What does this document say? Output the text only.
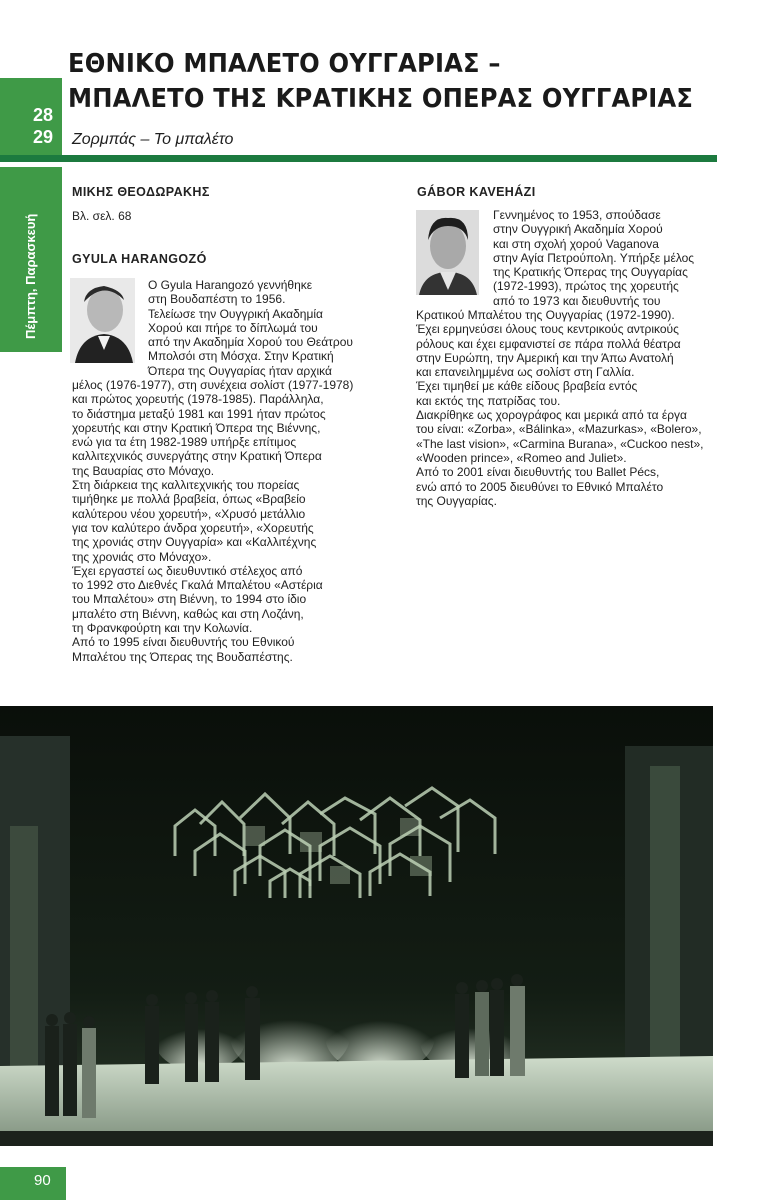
28
29
ΕΘΝΙΚΟ ΜΠΑΛΕΤΟ ΟΥΓΓΑΡΙΑΣ –
ΜΠΑΛΕΤΟ ΤΗΣ ΚΡΑΤΙΚΗΣ ΟΠΕΡΑΣ ΟΥΓΓΑΡΙΑΣ
Ζορμπάς – Το μπαλέτο
Πέμπτη, Παρασκευή

ΜΙΚΗΣ ΘΕΟΔΩΡΑΚΗΣ

Βλ. σελ. 68

GYULA HARANGOZÓ

Ο Gyula Harangozó γεννήθηκε

στη Βουδαπέστη το 1956.

Τελείωσε την Ουγγρική Ακαδημία

Χορού και πήρε το δίπλωμά του

από την Ακαδημία Χορού του Θεάτρου

Μπολσόι στη Μόσχα. Στην Κρατική

Όπερα της Ουγγαρίας ήταν αρχικά

μέλος (1976-1977), στη συνέχεια σολίστ (1977-1978)

και πρώτος χορευτής (1978-1985). Παράλληλα,

το διάστημα μεταξύ 1981 και 1991 ήταν πρώτος

χορευτής και στην Κρατική Όπερα της Βιέννης,

ενώ για τα έτη 1982-1989 υπήρξε επίτιμος

καλλιτεχνικός συνεργάτης στην Κρατική Όπερα

της Βαυαρίας στο Μόναχο.

Στη διάρκεια της καλλιτεχνικής του πορείας

τιμήθηκε με πολλά βραβεία, όπως «Βραβείο

καλύτερου νέου χορευτή», «Χρυσό μετάλλιο

για τον καλύτερο άνδρα χορευτή», «Χορευτής

της χρονιάς στην Ουγγαρία» και «Καλλιτέχνης

της χρονιάς στο Μόναχο».

Έχει εργαστεί ως διευθυντικό στέλεχος από

το 1992 στο Διεθνές Γκαλά Μπαλέτου «Αστέρια

του Μπαλέτου» στη Βιέννη, το 1994 στο ίδιο

μπαλέτο στη Βιέννη, καθώς και στη Λοζάνη,

τη Φρανκφούρτη και την Κολωνία.

Από το 1995 είναι διευθυντής του Εθνικού

Μπαλέτου της Όπερας της Βουδαπέστης.

GÁBOR KAVEHÁZI

Γεννημένος το 1953, σπούδασε

στην Ουγγρική Ακαδημία Χορού

και στη σχολή χορού Vaganova

στην Αγία Πετρούπολη. Υπήρξε μέλος

της Κρατικής Όπερας της Ουγγαρίας

(1972-1993), πρώτος της χορευτής

από το 1973 και διευθυντής του

Κρατικού Μπαλέτου της Ουγγαρίας (1972-1990).

Έχει ερμηνεύσει όλους τους κεντρικούς αντρικούς

ρόλους και έχει εμφανιστεί σε πάρα πολλά θέατρα

στην Ευρώπη, την Αμερική και την Άπω Ανατολή

και επανειλημμένα ως σολίστ στη Γαλλία.

Έχει τιμηθεί με κάθε είδους βραβεία εντός

και εκτός της πατρίδας του.

Διακρίθηκε ως χορογράφος και μερικά από τα έργα

του είναι: «Zorba», «Bálinka», «Mazurkas», «Bolero»,

«The last vision», «Carmina Burana», «Cuckoo nest»,

«Wooden prince», «Romeo and Juliet».

Από το 2001 είναι διευθυντής του Ballet Pécs,

ενώ από το 2005 διευθύνει το Εθνικό Μπαλέτο

της Ουγγαρίας.

90
